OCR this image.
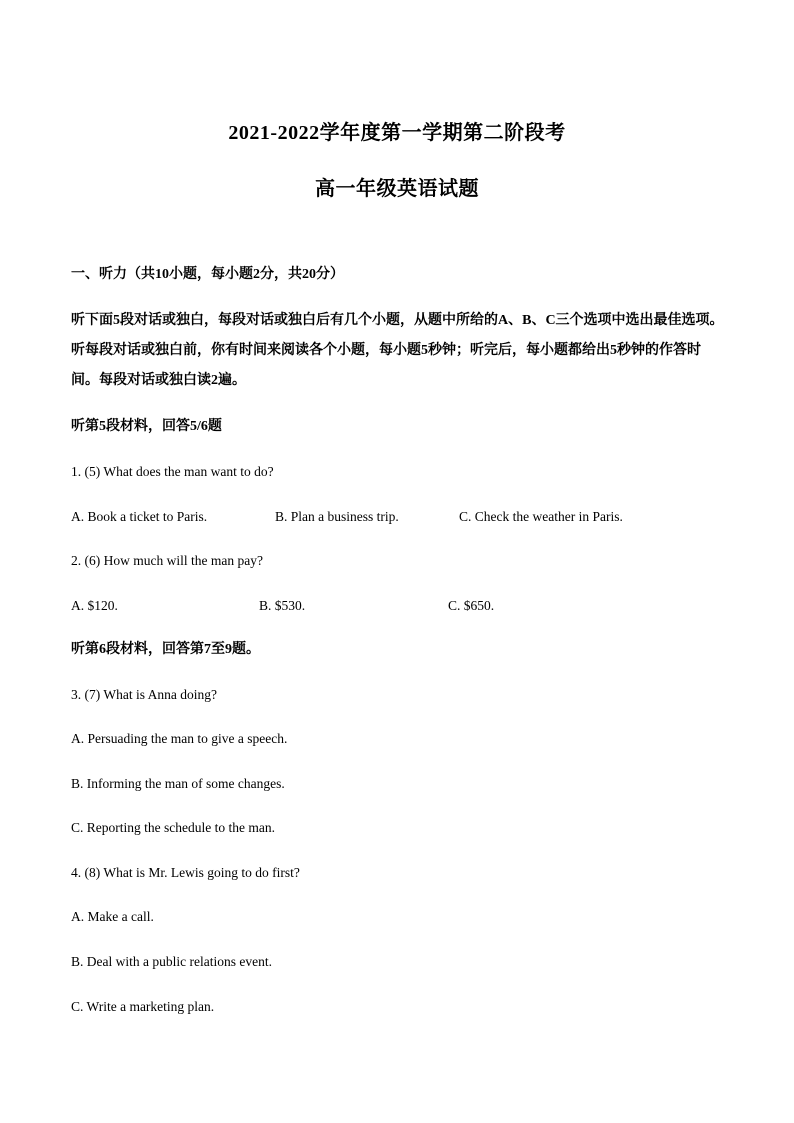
2021-2022学年度第一学期第二阶段考
高一年级英语试题
一、听力（共10小题，每小题2分，共20分）
听下面5段对话或独白，每段对话或独白后有几个小题，从题中所给的A、B、C三个选项中选出最佳选项。
听每段对话或独白前，你有时间来阅读各个小题，每小题5秒钟；听完后，每小题都给出5秒钟的作答时
间。每段对话或独白读2遍。
听第5段材料，回答5/6题
1. (5) What does the man want to do?
A. Book a ticket to Paris.	B. Plan a business trip.	C. Check the weather in Paris.
2. (6) How much will the man pay?
A. $120.	B. $530.	C. $650.
听第6段材料，回答第7至9题。
3. (7) What is Anna doing?
A. Persuading the man to give a speech.
B. Informing the man of some changes.
C. Reporting the schedule to the man.
4. (8) What is Mr. Lewis going to do first?
A. Make a call.
B. Deal with a public relations event.
C. Write a marketing plan.
